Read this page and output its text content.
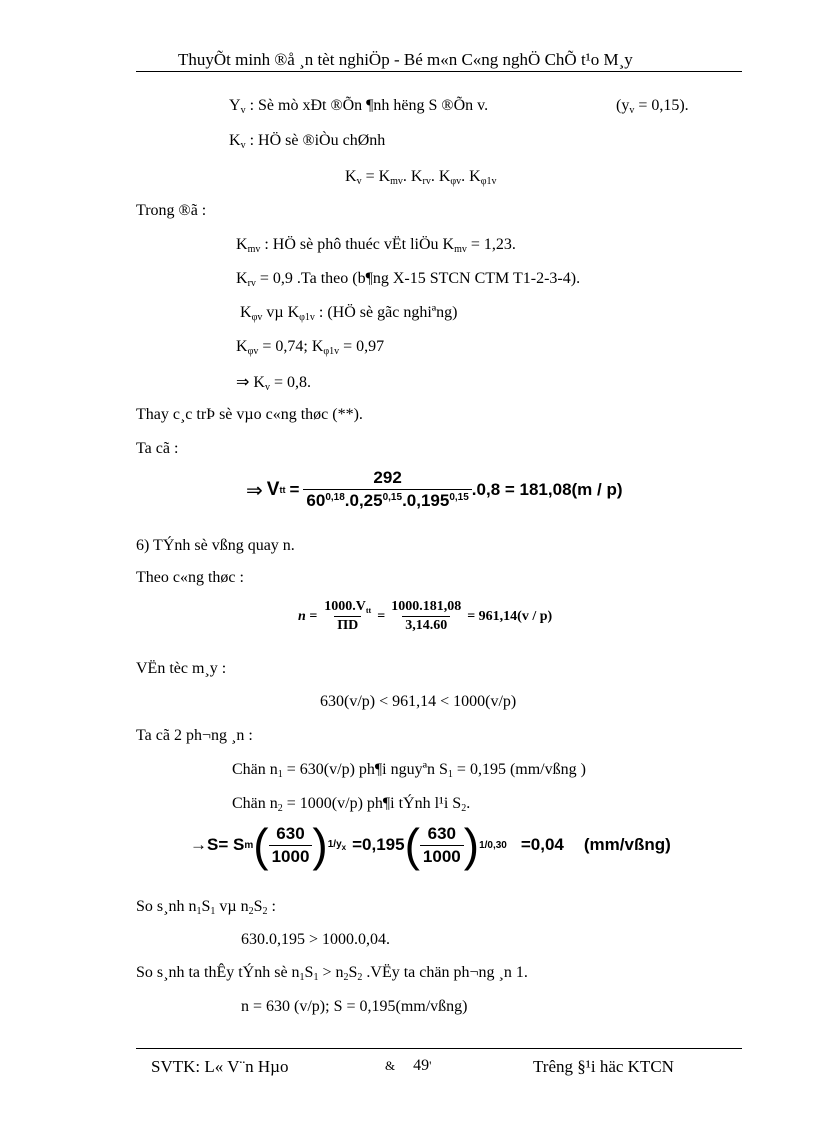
ThuyÕt minh ®å ¸n tèt nghiÖp - Bé m«n C«ng nghÖ ChÕ t¹o M¸y
$Y_v$ : Sè mò xÐt ®Õn ¶nh hëng S ®Õn v.	$(y_v = 0,15)$.
$K_v$ : HÖ sè ®iÒu chØnh
$K_v = K_{mv}$. $K_{rv}$. $K_{\varphi v}$. $K_{\varphi 1v}$
Trong ®ã :
$K_{mv}$ : HÖ sè phô thuéc vËt liÖu $K_{mv} = 1,23$.
$K_{rv} = 0,9$ .Ta theo (b¶ng X-15 STCN CTM T1-2-3-4).
$K_{\varphi v}$ vµ $K_{\varphi 1v}$ : (HÖ sè gãc nghiªng)
$K_{\varphi v} = 0,74$; $K_{\varphi 1v} = 0,97$
⇒ $K_v = 0,8$.
Thay c¸c trÞ sè vµo c«ng thøc (**).
Ta cã :
⇒ V tt = $\frac{292}{60^{0,18}.0,25^{0,15}.0,195^{0,15}} .0,8 = 181,08(m / p)$
6) TÝnh sè vßng quay n.
Theo c«ng thøc :
$n = \frac{1000.V_{tt}}{\Pi D} = \frac{1000.181,08}{3,14.60} = 961,14(v / p)$
VËn tèc m¸y :
630(v/p) < 961,14 < 1000(v/p)
Ta cã 2 ph¬ng ¸n :
Chän $n_1 = 630(v/p)$ ph¶i nguyªn $S_1 = 0,195$ (mm/vßng )
Chän $n_2 = 1000(v/p)$ ph¶i tÝnh l¹i $S_2$.
→S = S m ( $\frac{630}{1000}$ ) $1/y_x =0,195$ ( $\frac{630}{1000}$ ) 1/0,30 =0,04 (mm/vßng)
So s¸nh $n_1S_1$ vµ $n_2S_2$ :
630.0,195 > 1000.0,04.
So s¸nh ta thÊy tÝnh sè $n_1S_1 > n_2S_2$ .VËy ta chän ph¬ng ¸n 1.
n = 630 (v/p); S = 0,195(mm/vßng)
SVTK: L« V¨n Hµo	& 49'	Trêng §¹i häc KTCN
